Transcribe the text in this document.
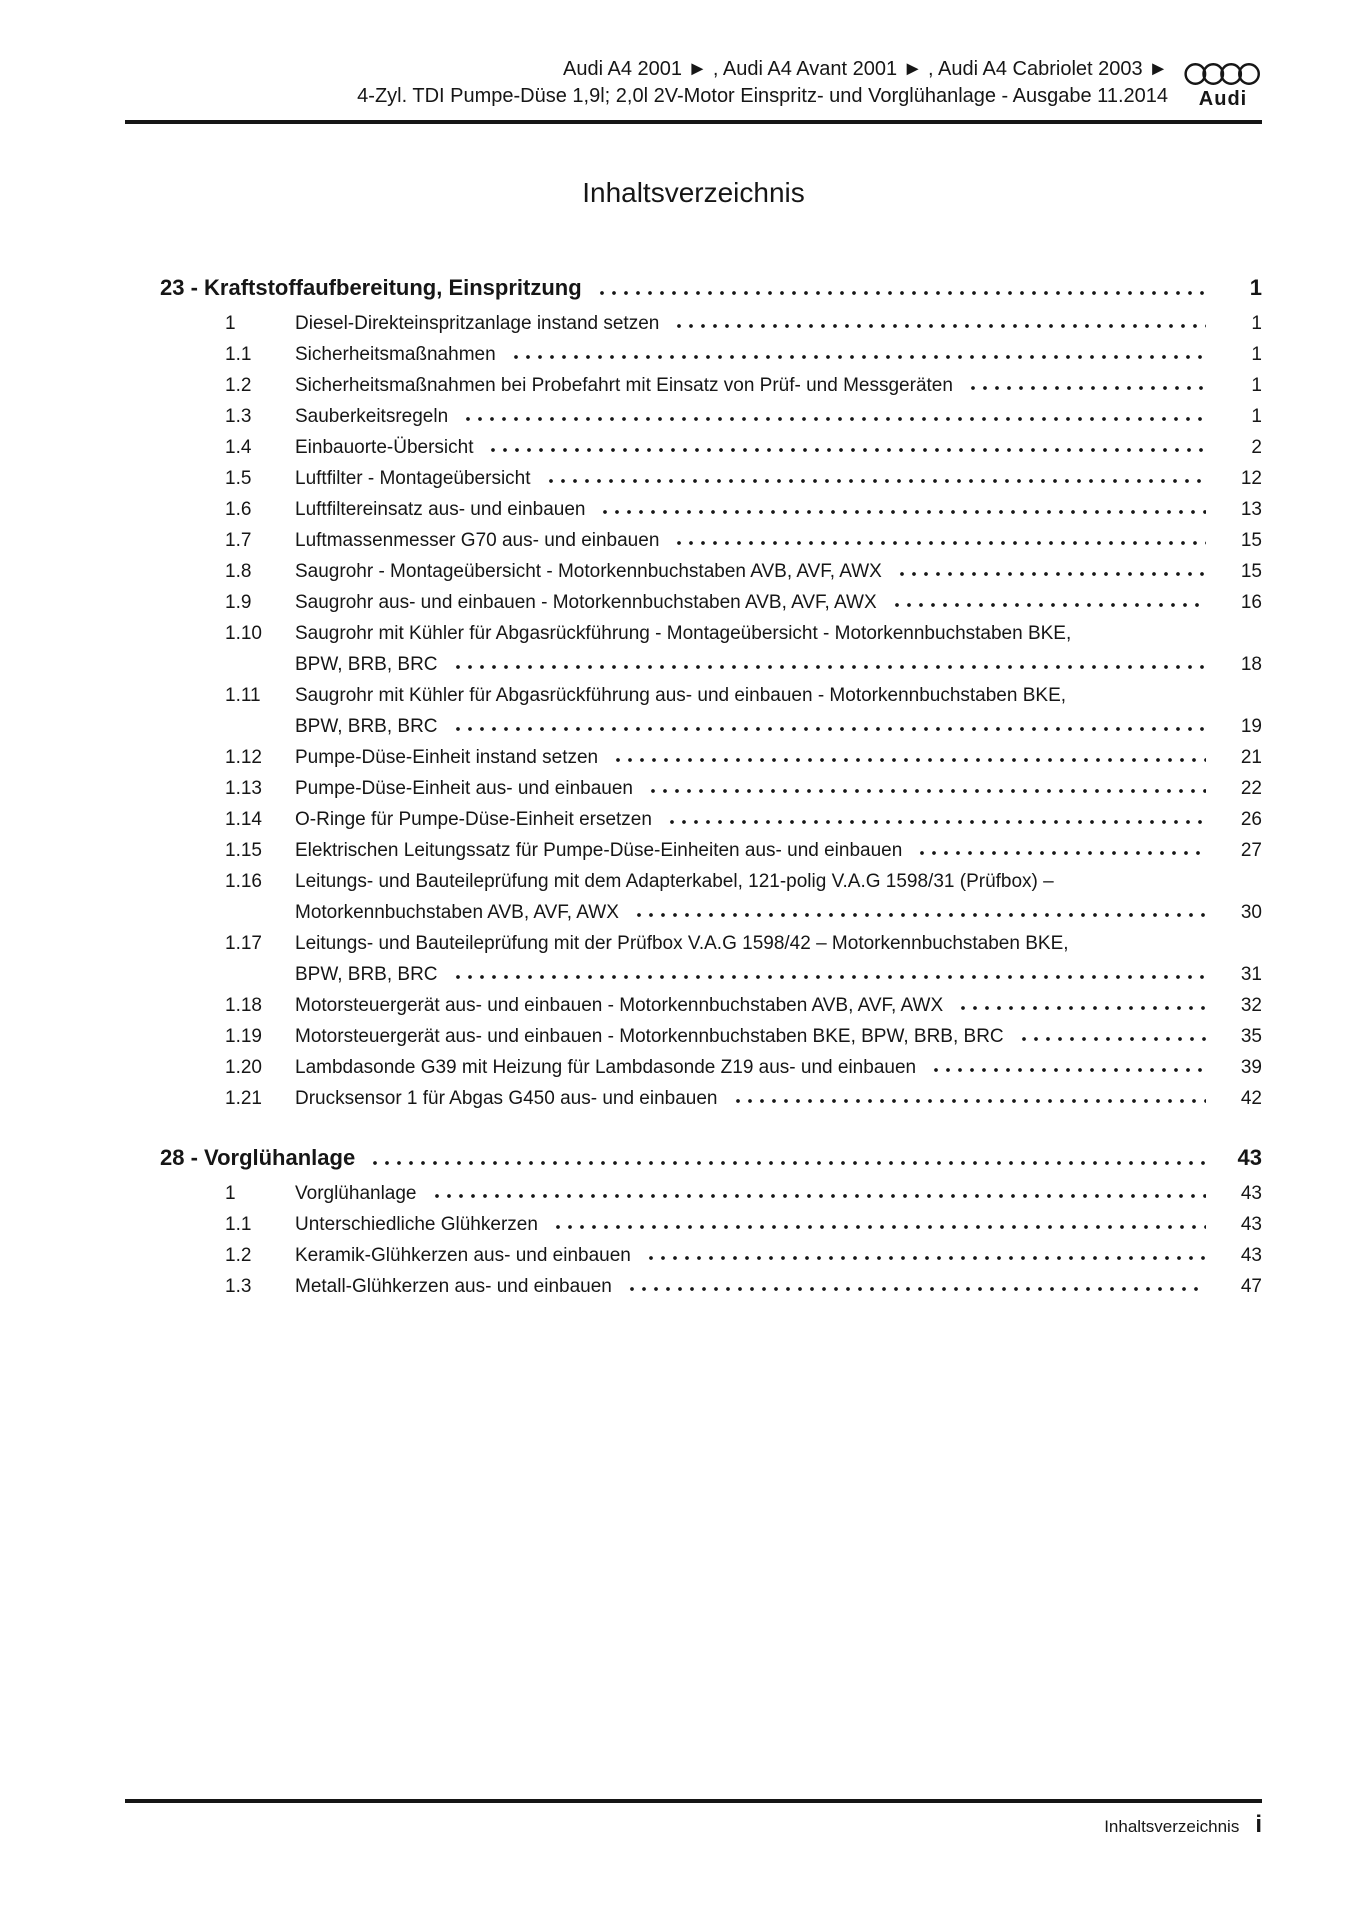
Audi A4 2001 ► , Audi A4 Avant 2001 ► , Audi A4 Cabriolet 2003 ►
4-Zyl. TDI Pumpe-Düse 1,9l; 2,0l 2V-Motor Einspritz- und Vorglühanlage - Ausgabe 11.2014 Audi
Inhaltsverzeichnis
23 - Kraftstoffaufbereitung, Einspritzung	1
1	Diesel-Direkteinspritzanlage instand setzen	1
1.1	Sicherheitsmaßnahmen	1
1.2	Sicherheitsmaßnahmen bei Probefahrt mit Einsatz von Prüf- und Messgeräten	1
1.3	Sauberkeitsregeln	1
1.4	Einbauorte-Übersicht	2
1.5	Luftfilter - Montageübersicht	12
1.6	Luftfiltereinsatz aus- und einbauen	13
1.7	Luftmassenmesser G70 aus- und einbauen	15
1.8	Saugrohr - Montageübersicht - Motorkennbuchstaben AVB, AVF, AWX	15
1.9	Saugrohr aus- und einbauen - Motorkennbuchstaben AVB, AVF, AWX	16
1.10	Saugrohr mit Kühler für Abgasrückführung - Montageübersicht - Motorkennbuchstaben BKE,
BPW, BRB, BRC	18
1.11	Saugrohr mit Kühler für Abgasrückführung aus- und einbauen - Motorkennbuchstaben BKE,
BPW, BRB, BRC	19
1.12	Pumpe-Düse-Einheit instand setzen	21
1.13	Pumpe-Düse-Einheit aus- und einbauen	22
1.14	O-Ringe für Pumpe-Düse-Einheit ersetzen	26
1.15	Elektrischen Leitungssatz für Pumpe-Düse-Einheiten aus- und einbauen	27
1.16	Leitungs- und Bauteileprüfung mit dem Adapterkabel, 121-polig V.A.G 1598/31 (Prüfbox) –
Motorkennbuchstaben AVB, AVF, AWX	30
1.17	Leitungs- und Bauteileprüfung mit der Prüfbox V.A.G 1598/42 – Motorkennbuchstaben BKE,
BPW, BRB, BRC	31
1.18	Motorsteuergerät aus- und einbauen - Motorkennbuchstaben AVB, AVF, AWX	32
1.19	Motorsteuergerät aus- und einbauen - Motorkennbuchstaben BKE, BPW, BRB, BRC	35
1.20	Lambdasonde G39 mit Heizung für Lambdasonde Z19 aus- und einbauen	39
1.21	Drucksensor 1 für Abgas G450 aus- und einbauen	42
28 - Vorglühanlage	43
1	Vorglühanlage	43
1.1	Unterschiedliche Glühkerzen	43
1.2	Keramik-Glühkerzen aus- und einbauen	43
1.3	Metall-Glühkerzen aus- und einbauen	47
Inhaltsverzeichnis i
